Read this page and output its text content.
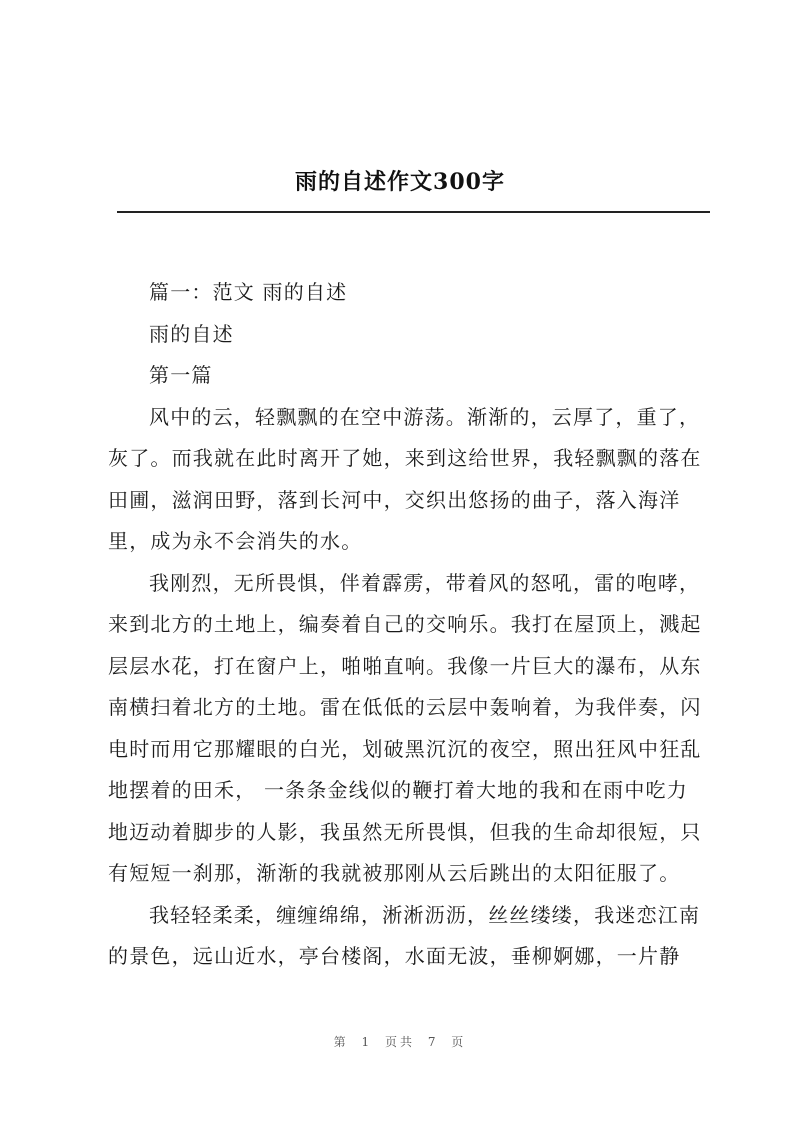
雨的自述作文300字
篇一：范文 雨的自述
雨的自述
第一篇
风中的云，轻飘飘的在空中游荡。渐渐的，云厚了，重了，
灰了。而我就在此时离开了她，来到这给世界，我轻飘飘的落在
田圃，滋润田野，落到长河中，交织出悠扬的曲子，落入海洋
里，成为永不会消失的水。
我刚烈，无所畏惧，伴着霹雳，带着风的怒吼，雷的咆哮，
来到北方的土地上，编奏着自己的交响乐。我打在屋顶上，溅起
层层水花，打在窗户上，啪啪直响。我像一片巨大的瀑布，从东
南横扫着北方的土地。雷在低低的云层中轰响着，为我伴奏，闪
电时而用它那耀眼的白光，划破黑沉沉的夜空，照出狂风中狂乱
地摆着的田禾， 一条条金线似的鞭打着大地的我和在雨中吃力
地迈动着脚步的人影，我虽然无所畏惧，但我的生命却很短，只
有短短一刹那，渐渐的我就被那刚从云后跳出的太阳征服了。
我轻轻柔柔，缠缠绵绵，淅淅沥沥，丝丝缕缕，我迷恋江南
的景色，远山近水，亭台楼阁，水面无波，垂柳婀娜，一片静
第 1 页共 7 页
